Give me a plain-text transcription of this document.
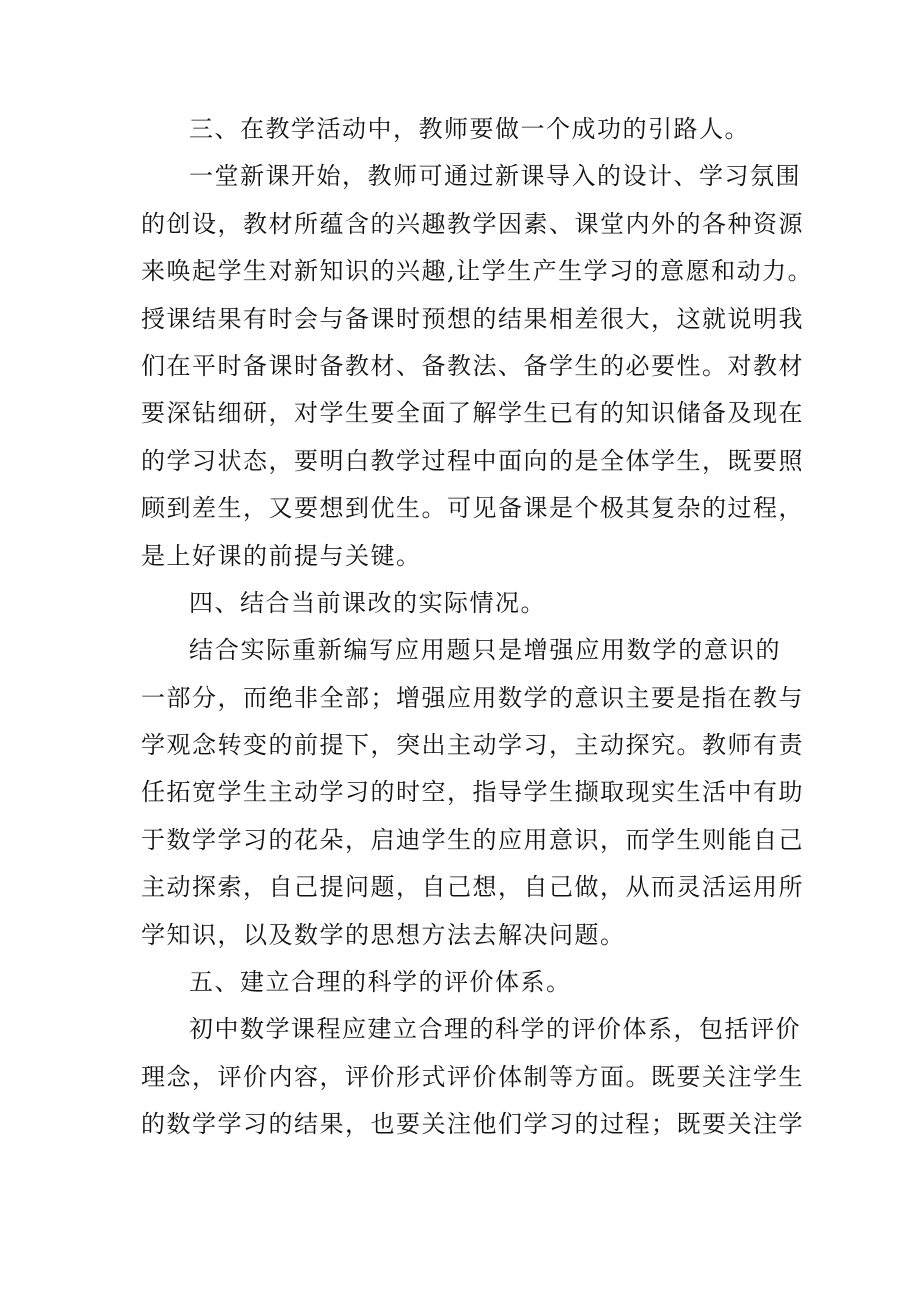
三、在教学活动中，教师要做一个成功的引路人。
一堂新课开始，教师可通过新课导入的设计、学习氛围
的创设，教材所蕴含的兴趣教学因素、课堂内外的各种资源
来唤起学生对新知识的兴趣,让学生产生学习的意愿和动力。
授课结果有时会与备课时预想的结果相差很大，这就说明我
们在平时备课时备教材、备教法、备学生的必要性。对教材
要深钻细研，对学生要全面了解学生已有的知识储备及现在
的学习状态，要明白教学过程中面向的是全体学生，既要照
顾到差生，又要想到优生。可见备课是个极其复杂的过程，
是上好课的前提与关键。
四、结合当前课改的实际情况。
结合实际重新编写应用题只是增强应用数学的意识的
一部分，而绝非全部；增强应用数学的意识主要是指在教与
学观念转变的前提下，突出主动学习，主动探究。教师有责
任拓宽学生主动学习的时空，指导学生撷取现实生活中有助
于数学学习的花朵，启迪学生的应用意识，而学生则能自己
主动探索，自己提问题，自己想，自己做，从而灵活运用所
学知识，以及数学的思想方法去解决问题。
五、建立合理的科学的评价体系。
初中数学课程应建立合理的科学的评价体系，包括评价
理念，评价内容，评价形式评价体制等方面。既要关注学生
的数学学习的结果，也要关注他们学习的过程；既要关注学
